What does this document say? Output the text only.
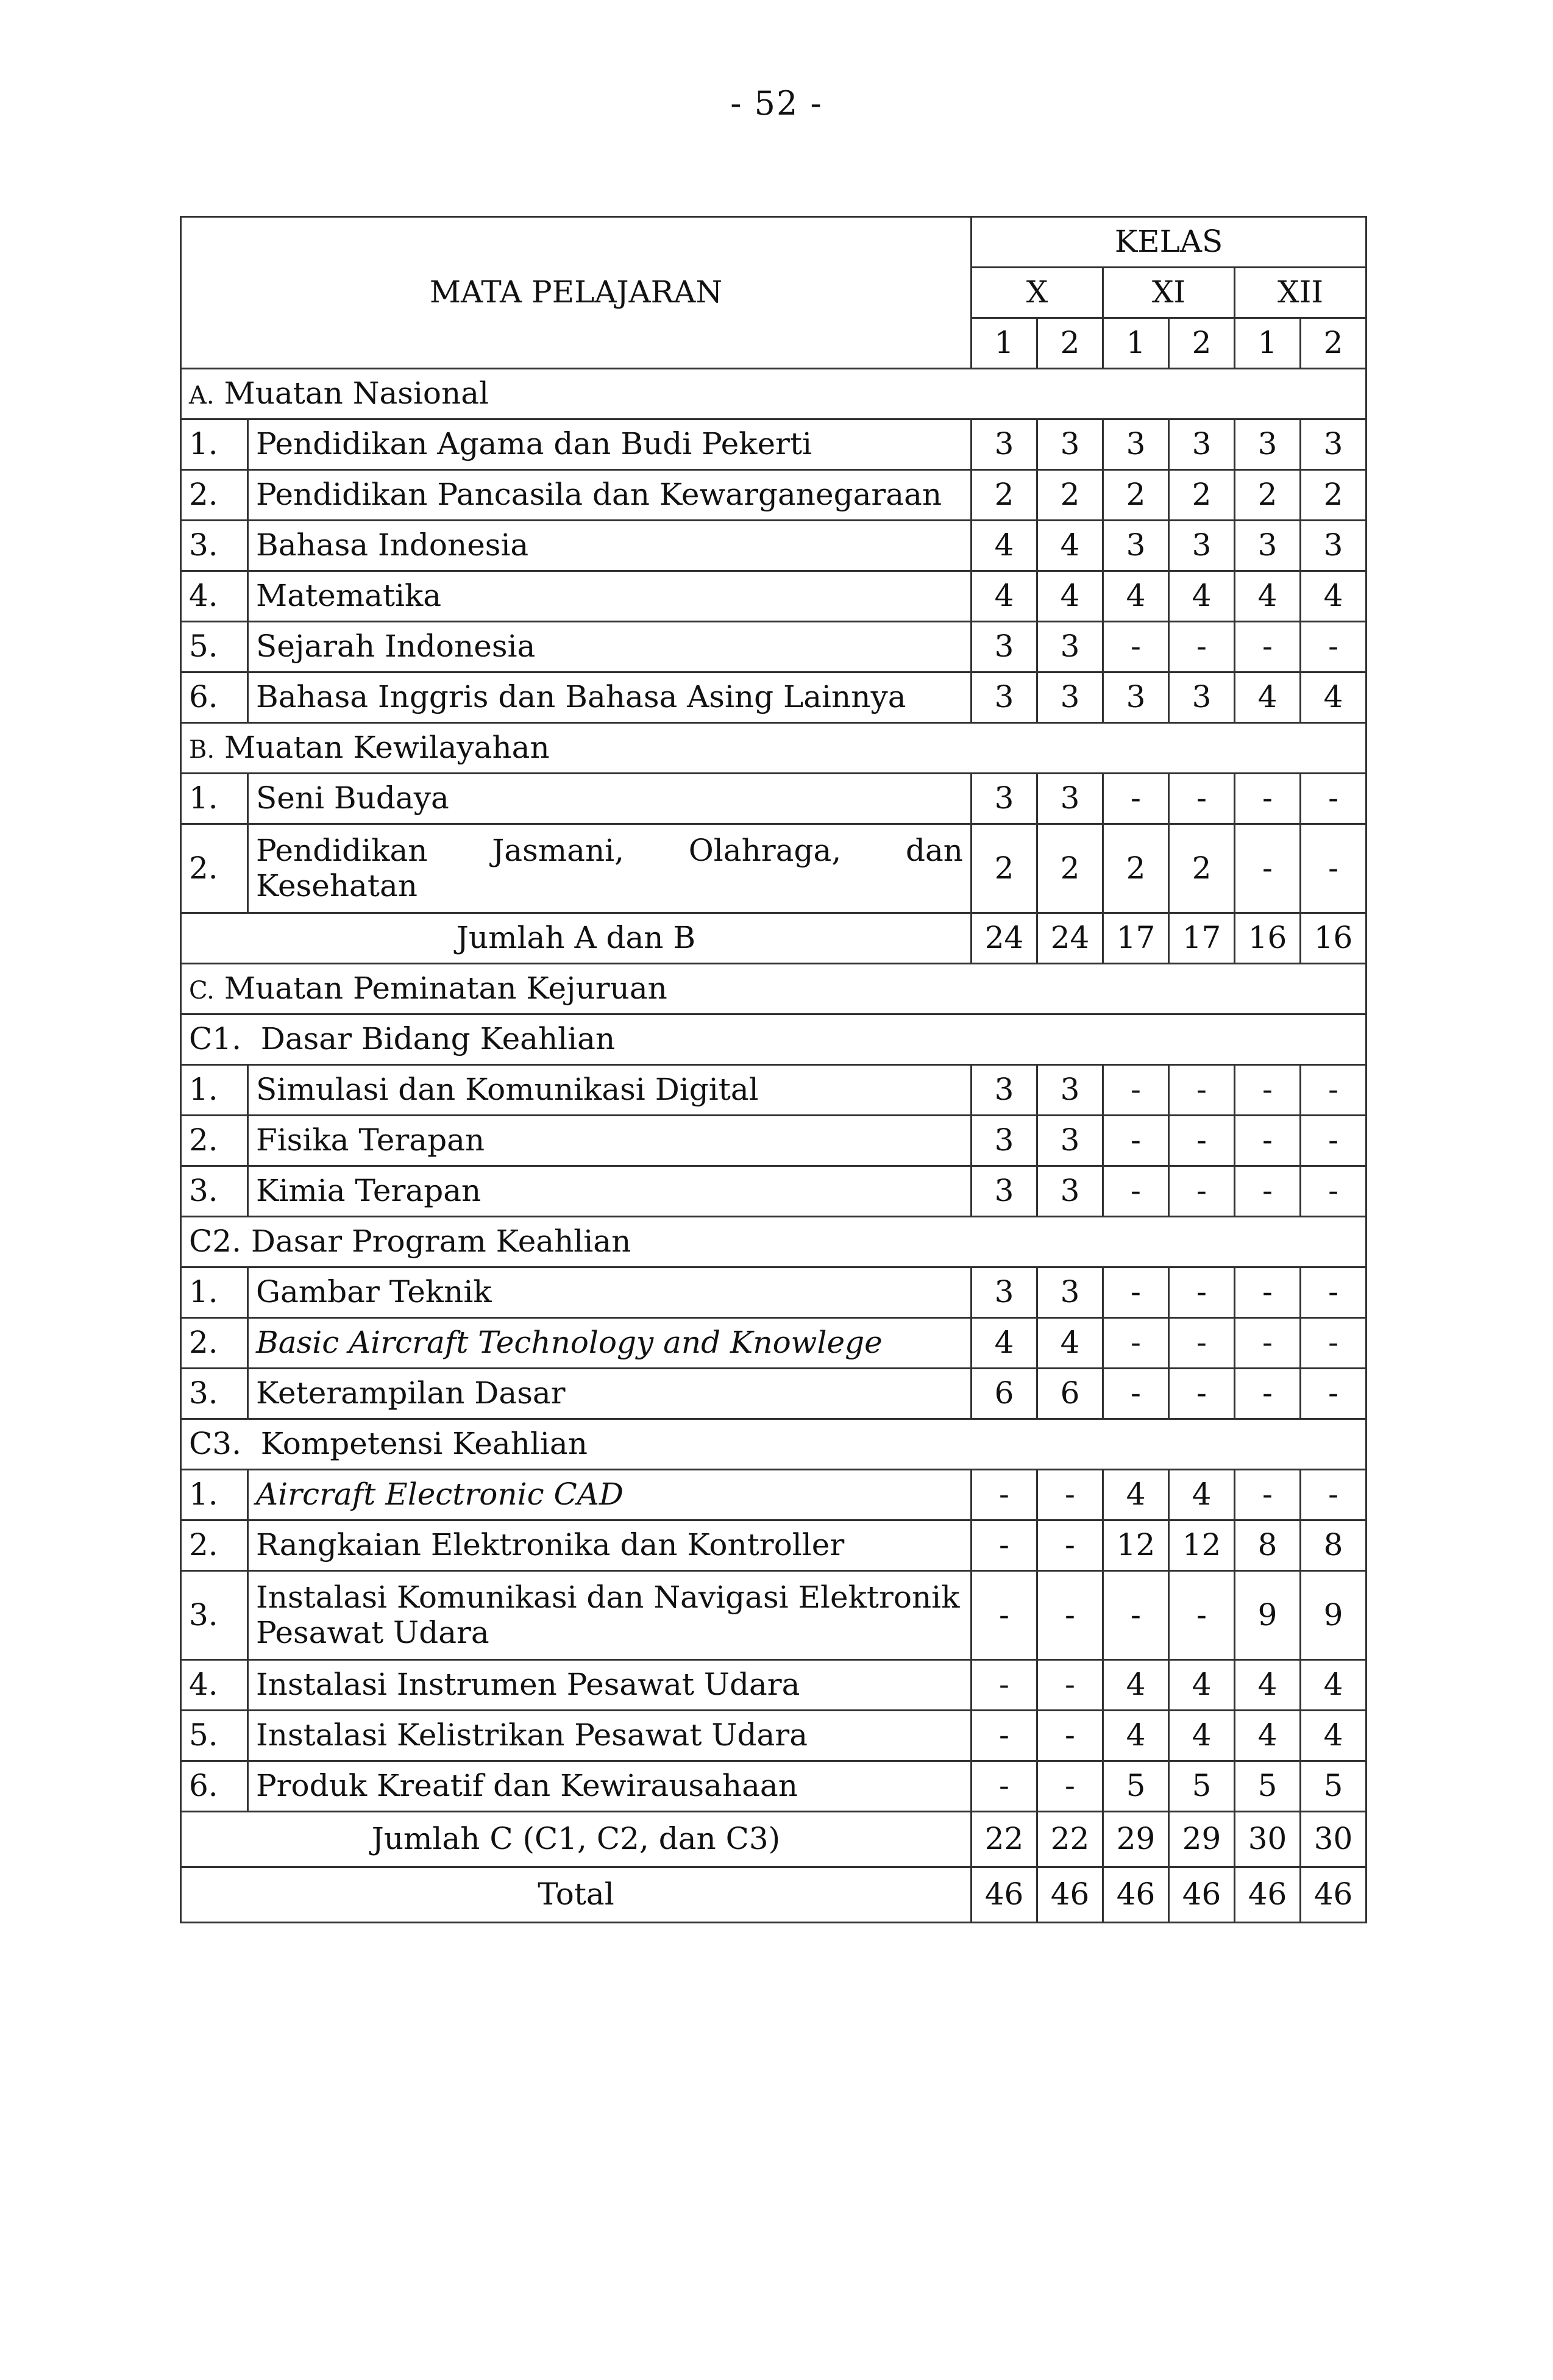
- 52 -
MATA PELAJARAN		KELAS					
		X		XI		XII	
		1	2	1	2	1	2
A. Muatan Nasional							
1.	Pendidikan Agama dan Budi Pekerti	3	3	3	3	3	3
2.	Pendidikan Pancasila dan Kewarganegaraan	2	2	2	2	2	2
3.	Bahasa Indonesia	4	4	3	3	3	3
4.	Matematika	4	4	4	4	4	4
5.	Sejarah Indonesia	3	3	-	-	-	-
6.	Bahasa Inggris dan Bahasa Asing Lainnya	3	3	3	3	4	4
B. Muatan Kewilayahan							
1.	Seni Budaya	3	3	-	-	-	-
2.	Pendidikan Jasmani, Olahraga, dan Kesehatan	2	2	2	2	-	-
Jumlah A dan B		24	24	17	17	16	16
C. Muatan Peminatan Kejuruan							
C1.  Dasar Bidang Keahlian							
1.	Simulasi dan Komunikasi Digital	3	3	-	-	-	-
2.	Fisika Terapan	3	3	-	-	-	-
3.	Kimia Terapan	3	3	-	-	-	-
C2. Dasar Program Keahlian							
1.	Gambar Teknik	3	3	-	-	-	-
2.	Basic Aircraft Technology and Knowlege	4	4	-	-	-	-
3.	Keterampilan Dasar	6	6	-	-	-	-
C3.  Kompetensi Keahlian							
1.	Aircraft Electronic CAD	-	-	4	4	-	-
2.	Rangkaian Elektronika dan Kontroller	-	-	12	12	8	8
3.	Instalasi Komunikasi dan Navigasi Elektronik Pesawat Udara	-	-	-	-	9	9
4.	Instalasi Instrumen Pesawat Udara	-	-	4	4	4	4
5.	Instalasi Kelistrikan Pesawat Udara	-	-	4	4	4	4
6.	Produk Kreatif dan Kewirausahaan	-	-	5	5	5	5
Jumlah C (C1, C2, dan C3)		22	22	29	29	30	30
Total		46	46	46	46	46	46
